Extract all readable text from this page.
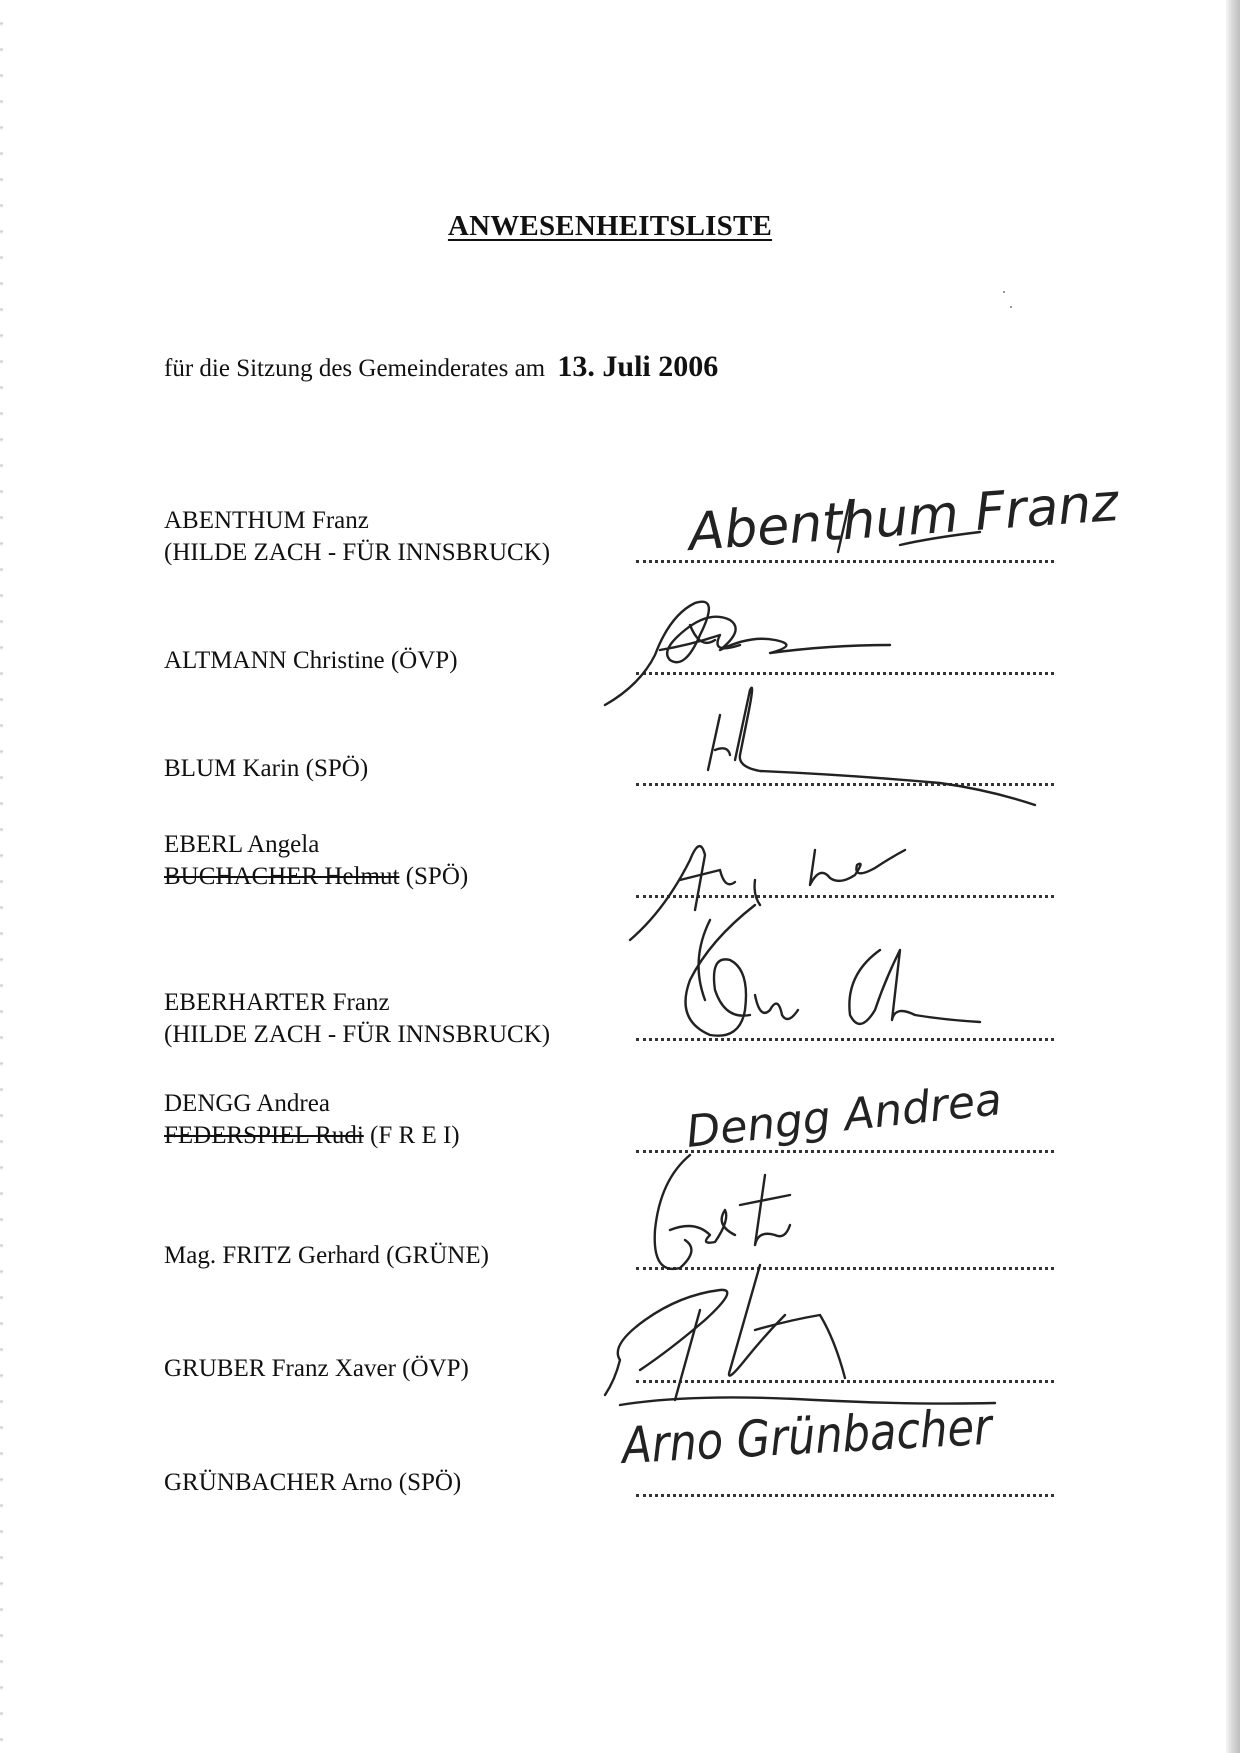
ANWESENHEITSLISTE
für die Sitzung des Gemeinderates am 13. Juli 2006
ABENTHUM Franz
(HILDE ZACH - FÜR INNSBRUCK)	Abenthum Franz
ALTMANN Christine (ÖVP)
BLUM Karin (SPÖ)
EBERL Angela
BUCHACHER Helmut (SPÖ)
EBERHARTER Franz
(HILDE ZACH - FÜR INNSBRUCK)
DENGG Andrea
FEDERSPIEL Rudi (F R E I)	Dengg Andrea
Mag. FRITZ Gerhard (GRÜNE)
GRUBER Franz Xaver (ÖVP)
GRÜNBACHER Arno (SPÖ)
Arno Grünbacher
